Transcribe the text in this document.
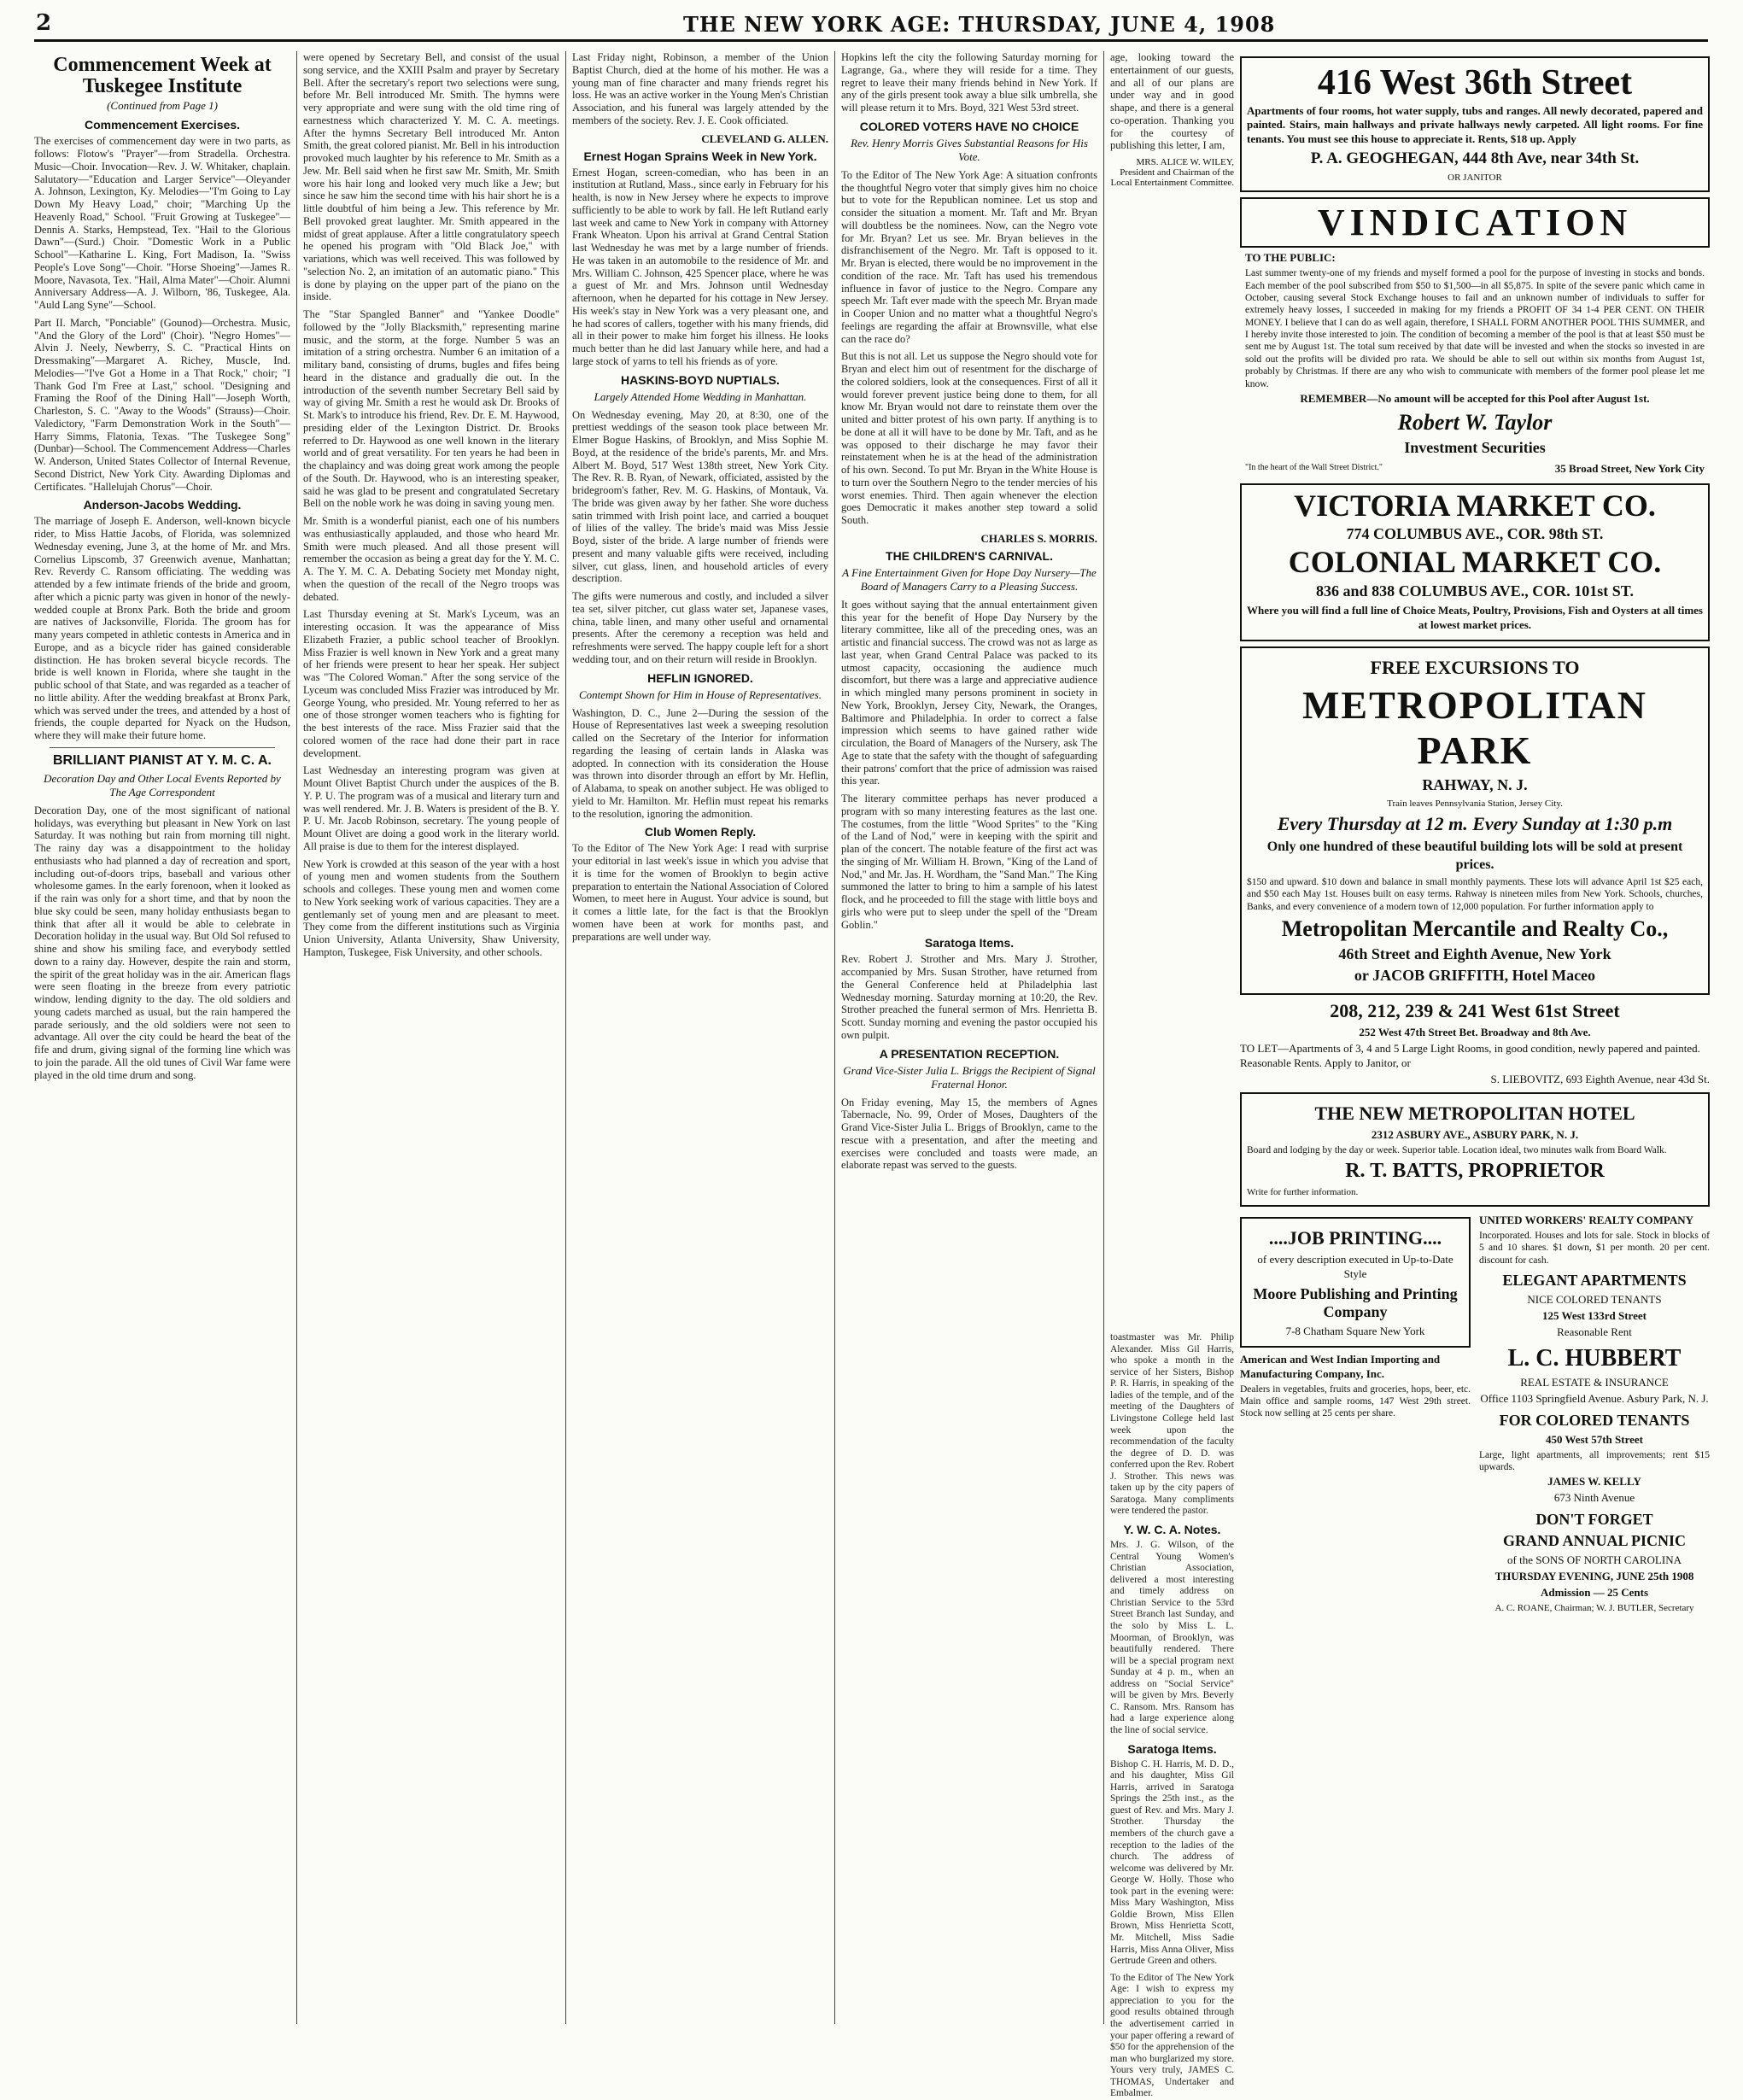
2	THE NEW YORK AGE: THURSDAY, JUNE 4, 1908
Commencement Week at Tuskegee Institute
(Continued from Page 1)
Commencement Exercises.

The exercises of commencement day were in two parts, as follows: Flotow's "Prayer"—from Stradella. Orchestra. Music—Choir. Invocation—Rev. J. W. Whitaker, chaplain. Salutatory—"Education and Larger Service"—Oleyander A. Johnson, Lexington, Ky. Melodies—"I'm Going to Lay Down My Heavy Load," choir; "Marching Up the Heavenly Road," School. "Fruit Growing at Tuskegee"—Dennis A. Starks, Hempstead, Tex. "Hail to the Glorious Dawn"—(Surd.) Choir. "Domestic Work in a Public School"—Katharine L. King, Fort Madison, Ia. "Swiss People's Love Song"—Choir. "Horse Shoeing"—James R. Moore, Navasota, Tex. "Hail, Alma Mater"—Choir. Alumni Anniversary Address—A. J. Wilborn, '86, Tuskegee, Ala. "Auld Lang Syne"—School.

Part II. March, "Ponciable" (Gounod)—Orchestra. Music, "And the Glory of the Lord" (Choir). "Negro Homes"—Alvin J. Neely, Newberry, S. C. "Practical Hints on Dressmaking"—Margaret A. Richey, Muscle, Ind. Melodies—"I've Got a Home in a That Rock," choir; "I Thank God I'm Free at Last," school. "Designing and Framing the Roof of the Dining Hall"—Joseph Worth, Charleston, S. C. "Away to the Woods" (Strauss)—Choir. Valedictory, "Farm Demonstration Work in the South"—Harry Simms, Flatonia, Texas. "The Tuskegee Song" (Dunbar)—School. The Commencement Address—Charles W. Anderson, United States Collector of Internal Revenue, Second District, New York City. Awarding Diplomas and Certificates. "Hallelujah Chorus"—Choir.

Anderson-Jacobs Wedding.

The marriage of Joseph E. Anderson, well-known bicycle rider, to Miss Hattie Jacobs, of Florida, was solemnized Wednesday evening, June 3, at the home of Mr. and Mrs. Cornelius Lipscomb, 37 Greenwich avenue, Manhattan; Rev. Reverdy C. Ransom officiating. The wedding was attended by a few intimate friends of the bride and groom, after which a picnic party was given in honor of the newly-wedded couple at Bronx Park. Both the bride and groom are natives of Jacksonville, Florida. The groom has for many years competed in athletic contests in America and in Europe, and as a bicycle rider has gained considerable distinction. He has broken several bicycle records. The bride is well known in Florida, where she taught in the public school of that State, and was regarded as a teacher of no little ability. After the wedding breakfast at Bronx Park, which was served under the trees, and attended by a host of friends, the couple departed for Nyack on the Hudson, where they will make their future home.

BRILLIANT PIANIST AT Y. M. C. A.
Decoration Day and Other Local Events Reported by The Age Correspondent

Decoration Day, one of the most significant of national holidays, was everything but pleasant in New York on last Saturday. It was nothing but rain from morning till night. The rainy day was a disappointment to the holiday enthusiasts who had planned a day of recreation and sport, including out-of-doors trips, baseball and various other wholesome games. In the early forenoon, when it looked as if the rain was only for a short time, and that by noon the blue sky could be seen, many holiday enthusiasts began to think that after all it would be able to celebrate in Decoration holiday in the usual way. But Old Sol refused to shine and show his smiling face, and everybody settled down to a rainy day. However, despite the rain and storm, the spirit of the great holiday was in the air. American flags were seen floating in the breeze from every patriotic window, lending dignity to the day. The old soldiers and young cadets marched as usual, but the rain hampered the parade seriously, and the old soldiers were not seen to advantage. All over the city could be heard the beat of the fife and drum, giving signal of the forming line which was to join the parade. All the old tunes of Civil War fame were played in the old time drum and song.

were opened by Secretary Bell, and consist of the usual song service, and the XXIII Psalm and prayer by Secretary Bell. After the secretary's report two selections were sung, before Mr. Bell introduced Mr. Smith. The hymns were very appropriate and were sung with the old time ring of earnestness which characterized Y. M. C. A. meetings. After the hymns Secretary Bell introduced Mr. Anton Smith, the great colored pianist. Mr. Bell in his introduction provoked much laughter by his reference to Mr. Smith as a Jew. Mr. Bell said when he first saw Mr. Smith, Mr. Smith wore his hair long and looked very much like a Jew; but since he saw him the second time with his hair short he is a little doubtful of him being a Jew. This reference by Mr. Bell provoked great laughter. Mr. Smith appeared in the midst of great applause. After a little congratulatory speech he opened his program with "Old Black Joe," with variations, which was well received. This was followed by "selection No. 2, an imitation of an automatic piano." This is done by playing on the upper part of the piano on the inside.

The "Star Spangled Banner" and "Yankee Doodle" followed by the "Jolly Blacksmith," representing marine music, and the storm, at the forge. Number 5 was an imitation of a string orchestra. Number 6 an imitation of a military band, consisting of drums, bugles and fifes being heard in the distance and gradually die out. In the introduction of the seventh number Secretary Bell said by way of giving Mr. Smith a rest he would ask Dr. Brooks of St. Mark's to introduce his friend, Rev. Dr. E. M. Haywood, presiding elder of the Lexington District. Dr. Brooks referred to Dr. Haywood as one well known in the literary world and of great versatility. For ten years he had been in the chaplaincy and was doing great work among the people of the South. Dr. Haywood, who is an interesting speaker, said he was glad to be present and congratulated Secretary Bell on the noble work he was doing in saving young men.

Mr. Smith is a wonderful pianist, each one of his numbers was enthusiastically applauded, and those who heard Mr. Smith were much pleased. And all those present will remember the occasion as being a great day for the Y. M. C. A. The Y. M. C. A. Debating Society met Monday night, when the question of the recall of the Negro troops was debated.

Last Thursday evening at St. Mark's Lyceum, was an interesting occasion. It was the appearance of Miss Elizabeth Frazier, a public school teacher of Brooklyn. Miss Frazier is well known in New York and a great many of her friends were present to hear her speak. Her subject was "The Colored Woman." After the song service of the Lyceum was concluded Miss Frazier was introduced by Mr. George Young, who presided. Mr. Young referred to her as one of those stronger women teachers who is fighting for the best interests of the race. Miss Frazier said that the colored women of the race had done their part in race development.

Last Wednesday an interesting program was given at Mount Olivet Baptist Church under the auspices of the B. Y. P. U. The program was of a musical and literary turn and was well rendered. Mr. J. B. Waters is president of the B. Y. P. U. Mr. Jacob Robinson, secretary. The young people of Mount Olivet are doing a good work in the literary world. All praise is due to them for the interest displayed.

New York is crowded at this season of the year with a host of young men and women students from the Southern schools and colleges. These young men and women come to New York seeking work of various capacities. They are a gentlemanly set of young men and are pleasant to meet. They come from the different institutions such as Virginia Union University, Atlanta University, Shaw University, Hampton, Tuskegee, Fisk University, and other schools.

Last Friday night, Robinson, a member of the Union Baptist Church, died at the home of his mother. He was a young man of fine character and many friends regret his loss. He was an active worker in the Young Men's Christian Association, and his funeral was largely attended by the members of the society. Rev. J. E. Cook officiated.

CLEVELAND G. ALLEN.
Ernest Hogan Sprains Week in New York.

Ernest Hogan, screen-comedian, who has been in an institution at Rutland, Mass., since early in February for his health, is now in New Jersey where he expects to improve sufficiently to be able to work by fall. He left Rutland early last week and came to New York in company with Attorney Frank Wheaton. Upon his arrival at Grand Central Station last Wednesday he was met by a large number of friends. He was taken in an automobile to the residence of Mr. and Mrs. William C. Johnson, 425 Spencer place, where he was a guest of Mr. and Mrs. Johnson until Wednesday afternoon, when he departed for his cottage in New Jersey. His week's stay in New York was a very pleasant one, and he had scores of callers, together with his many friends, did all in their power to make him forget his illness. He looks much better than he did last January while here, and had a large stock of yarns to tell his friends as of yore.

HASKINS-BOYD NUPTIALS.
Largely Attended Home Wedding in Manhattan.

On Wednesday evening, May 20, at 8:30, one of the prettiest weddings of the season took place between Mr. Elmer Bogue Haskins, of Brooklyn, and Miss Sophie M. Boyd, at the residence of the bride's parents, Mr. and Mrs. Albert M. Boyd, 517 West 138th street, New York City. The Rev. R. B. Ryan, of Newark, officiated, assisted by the bridegroom's father, Rev. M. G. Haskins, of Montauk, Va. The bride was given away by her father. She wore duchess satin trimmed with Irish point lace, and carried a bouquet of lilies of the valley. The bride's maid was Miss Jessie Boyd, sister of the bride. A large number of friends were present and many valuable gifts were received, including silver, cut glass, linen, and household articles of every description.

The gifts were numerous and costly, and included a silver tea set, silver pitcher, cut glass water set, Japanese vases, china, table linen, and many other useful and ornamental presents. After the ceremony a reception was held and refreshments were served. The happy couple left for a short wedding tour, and on their return will reside in Brooklyn.

HEFLIN IGNORED.
Contempt Shown for Him in House of Representatives.

Washington, D. C., June 2—During the session of the House of Representatives last week a sweeping resolution called on the Secretary of the Interior for information regarding the leasing of certain lands in Alaska was adopted. In connection with its consideration the House was thrown into disorder through an effort by Mr. Heflin, of Alabama, to speak on another subject. He was obliged to yield to Mr. Hamilton. Mr. Heflin must repeat his remarks to the resolution, ignoring the admonition.

Club Women Reply.

To the Editor of The New York Age: I read with surprise your editorial in last week's issue in which you advise that it is time for the women of Brooklyn to begin active preparation to entertain the National Association of Colored Women, to meet here in August. Your advice is sound, but it comes a little late, for the fact is that the Brooklyn women have been at work for months past, and preparations are well under way.

Hopkins left the city the following Saturday morning for Lagrange, Ga., where they will reside for a time. They regret to leave their many friends behind in New York. If any of the girls present took away a blue silk umbrella, she will please return it to Mrs. Boyd, 321 West 53rd street.

COLORED VOTERS HAVE NO CHOICE
Rev. Henry Morris Gives Substantial Reasons for His Vote.

To the Editor of The New York Age: A situation confronts the thoughtful Negro voter that simply gives him no choice but to vote for the Republican nominee. Let us stop and consider the situation a moment. Mr. Taft and Mr. Bryan will doubtless be the nominees. Now, can the Negro vote for Mr. Bryan? Let us see. Mr. Bryan believes in the disfranchisement of the Negro. Mr. Taft is opposed to it. Mr. Bryan is elected, there would be no improvement in the condition of the race. Mr. Taft has used his tremendous influence in favor of justice to the Negro. Compare any speech Mr. Taft ever made with the speech Mr. Bryan made in Cooper Union and no matter what a thoughtful Negro's feelings are regarding the affair at Brownsville, what else can the race do?

But this is not all. Let us suppose the Negro should vote for Bryan and elect him out of resentment for the discharge of the colored soldiers, look at the consequences. First of all it would forever prevent justice being done to them, for all know Mr. Bryan would not dare to reinstate them over the united and bitter protest of his own party. If anything is to be done at all it will have to be done by Mr. Taft, and as he was opposed to their discharge he may favor their reinstatement when he is at the head of the administration of his own. Second. To put Mr. Bryan in the White House is to turn over the Southern Negro to the tender mercies of his worst enemies. Third. Then again whenever the election goes Democratic it makes another step toward a solid South.

CHARLES S. MORRIS.
THE CHILDREN'S CARNIVAL.
A Fine Entertainment Given for Hope Day Nursery—The Board of Managers Carry to a Pleasing Success.

It goes without saying that the annual entertainment given this year for the benefit of Hope Day Nursery by the literary committee, like all of the preceding ones, was an artistic and financial success. The crowd was not as large as last year, when Grand Central Palace was packed to its utmost capacity, occasioning the audience much discomfort, but there was a large and appreciative audience in which mingled many persons prominent in society in New York, Brooklyn, Jersey City, Newark, the Oranges, Baltimore and Philadelphia. In order to correct a false impression which seems to have gained rather wide circulation, the Board of Managers of the Nursery, ask The Age to state that the safety with the thought of safeguarding their patrons' comfort that the price of admission was raised this year.

The literary committee perhaps has never produced a program with so many interesting features as the last one. The costumes, from the little "Wood Sprites" to the "King of the Land of Nod," were in keeping with the spirit and plan of the concert. The notable feature of the first act was the singing of Mr. William H. Brown, "King of the Land of Nod," and Mr. Jas. H. Wordham, the "Sand Man." The King summoned the latter to bring to him a sample of his latest flock, and he proceeded to fill the stage with little boys and girls who were put to sleep under the spell of the "Dream Goblin."

Saratoga Items.

Rev. Robert J. Strother and Mrs. Mary J. Strother, accompanied by Mrs. Susan Strother, have returned from the General Conference held at Philadelphia last Wednesday morning. Saturday morning at 10:20, the Rev. Strother preached the funeral sermon of Mrs. Henrietta B. Scott. Sunday morning and evening the pastor occupied his own pulpit.

A PRESENTATION RECEPTION.
Grand Vice-Sister Julia L. Briggs the Recipient of Signal Fraternal Honor.

On Friday evening, May 15, the members of Agnes Tabernacle, No. 99, Order of Moses, Daughters of the Grand Vice-Sister Julia L. Briggs of Brooklyn, came to the rescue with a presentation, and after the meeting and exercises were concluded and toasts were made, an elaborate repast was served to the guests.

age, looking toward the entertainment of our guests, and all of our plans are under way and in good shape, and there is a general co-operation. Thanking you for the courtesy of publishing this letter, I am,

MRS. ALICE W. WILEY, President and Chairman of the Local Entertainment Committee.

toastmaster was Mr. Philip Alexander. Miss Gil Harris, who spoke a month in the service of her Sisters, Bishop P. R. Harris, in speaking of the ladies of the temple, and of the meeting of the Daughters of Livingstone College held last week upon the recommendation of the faculty the degree of D. D. was conferred upon the Rev. Robert J. Strother. This news was taken up by the city papers of Saratoga. Many compliments were tendered the pastor.

Y. W. C. A. Notes.

Mrs. J. G. Wilson, of the Central Young Women's Christian Association, delivered a most interesting and timely address on Christian Service to the 53rd Street Branch last Sunday, and the solo by Miss L. L. Moorman, of Brooklyn, was beautifully rendered. There will be a special program next Sunday at 4 p. m., when an address on "Social Service" will be given by Mrs. Beverly C. Ransom. Mrs. Ransom has had a large experience along the line of social service.

Saratoga Items.

Bishop C. H. Harris, M. D. D., and his daughter, Miss Gil Harris, arrived in Saratoga Springs the 25th inst., as the guest of Rev. and Mrs. Mary J. Strother. Thursday the members of the church gave a reception to the ladies of the church. The address of welcome was delivered by Mr. George W. Holly. Those who took part in the evening were: Miss Mary Washington, Miss Goldie Brown, Miss Ellen Brown, Miss Henrietta Scott, Mr. Mitchell, Miss Sadie Harris, Miss Anna Oliver, Miss Gertrude Green and others.

To the Editor of The New York Age: I wish to express my appreciation to you for the good results obtained through the advertisement carried in your paper offering a reward of $50 for the apprehension of the man who burglarized my store. Yours very truly, JAMES C. THOMAS, Undertaker and Embalmer.

416 West 36th Street
Apartments of four rooms, hot water supply, tubs and ranges. All newly decorated, papered and painted. Stairs, main hallways and private hallways newly carpeted. All light rooms. For fine tenants. You must see this house to appreciate it. Rents, $18 up. Apply
P. A. GEOGHEGAN, 444 8th Ave, near 34th St.
OR JANITOR
VINDICATION
TO THE PUBLIC:
Last summer twenty-one of my friends and myself formed a pool for the purpose of investing in stocks and bonds. Each member of the pool subscribed from $50 to $1,500—in all $5,875. In spite of the severe panic which came in October, causing several Stock Exchange houses to fail and an unknown number of individuals to suffer for extremely heavy losses, I succeeded in making for my friends a PROFIT OF 34 1-4 PER CENT. ON THEIR MONEY. I believe that I can do as well again, therefore, I SHALL FORM ANOTHER POOL THIS SUMMER, and I hereby invite those interested to join. The condition of becoming a member of the pool is that at least $50 must be sent me by August 1st. The total sum received by that date will be invested and when the stocks so invested in are sold out the profits will be divided pro rata. We should be able to sell out within six months from August 1st, probably by Christmas. If there are any who wish to communicate with members of the former pool please let me know.
REMEMBER—No amount will be accepted for this Pool after August 1st.
Robert W. Taylor
Investment Securities
"In the heart of the Wall Street District."	35 Broad Street, New York City
VICTORIA MARKET CO.
774 COLUMBUS AVE., COR. 98th ST.
COLONIAL MARKET CO.
836 and 838 COLUMBUS AVE., COR. 101st ST.
Where you will find a full line of Choice Meats, Poultry, Provisions, Fish and Oysters at all times at lowest market prices.
FREE EXCURSIONS TO
METROPOLITAN PARK
RAHWAY, N. J.
Train leaves Pennsylvania Station, Jersey City.
Every Thursday at 12 m. Every Sunday at 1:30 p.m
Only one hundred of these beautiful building lots will be sold at present prices.
$150 and upward. $10 down and balance in small monthly payments. These lots will advance April 1st $25 each, and $50 each May 1st. Houses built on easy terms. Rahway is nineteen miles from New York. Schools, churches, Banks, and every convenience of a modern town of 12,000 population. For further information apply to
Metropolitan Mercantile and Realty Co.,
46th Street and Eighth Avenue, New York
or JACOB GRIFFITH, Hotel Maceo
208, 212, 239 & 241 West 61st Street
252 West 47th Street Bet. Broadway and 8th Ave.
TO LET—Apartments of 3, 4 and 5 Large Light Rooms, in good condition, newly papered and painted. Reasonable Rents. Apply to Janitor, or
S. LIEBOVITZ, 693 Eighth Avenue, near 43d St.
THE NEW METROPOLITAN HOTEL
2312 ASBURY AVE., ASBURY PARK, N. J.
Board and lodging by the day or week. Superior table. Location ideal, two minutes walk from Board Walk.
R. T. BATTS, PROPRIETOR
Write for further information.
....JOB PRINTING....
of every description executed in Up-to-Date Style
Moore Publishing and Printing Company
7-8 Chatham Square New York
American and West Indian Importing and Manufacturing Company, Inc.
Dealers in vegetables, fruits and groceries, hops, beer, etc. Main office and sample rooms, 147 West 29th street. Stock now selling at 25 cents per share.
UNITED WORKERS' REALTY COMPANY
Incorporated. Houses and lots for sale. Stock in blocks of 5 and 10 shares. $1 down, $1 per month. 20 per cent. discount for cash.
ELEGANT APARTMENTS
NICE COLORED TENANTS
125 West 133rd Street
Reasonable Rent
L. C. HUBBERT
REAL ESTATE & INSURANCE
Office 1103 Springfield Avenue. Asbury Park, N. J.
FOR COLORED TENANTS
450 West 57th Street
Large, light apartments, all improvements; rent $15 upwards.
JAMES W. KELLY
673 Ninth Avenue
DON'T FORGET
GRAND ANNUAL PICNIC
of the SONS OF NORTH CAROLINA
THURSDAY EVENING, JUNE 25th 1908
Admission — 25 Cents
A. C. ROANE, Chairman; W. J. BUTLER, Secretary
